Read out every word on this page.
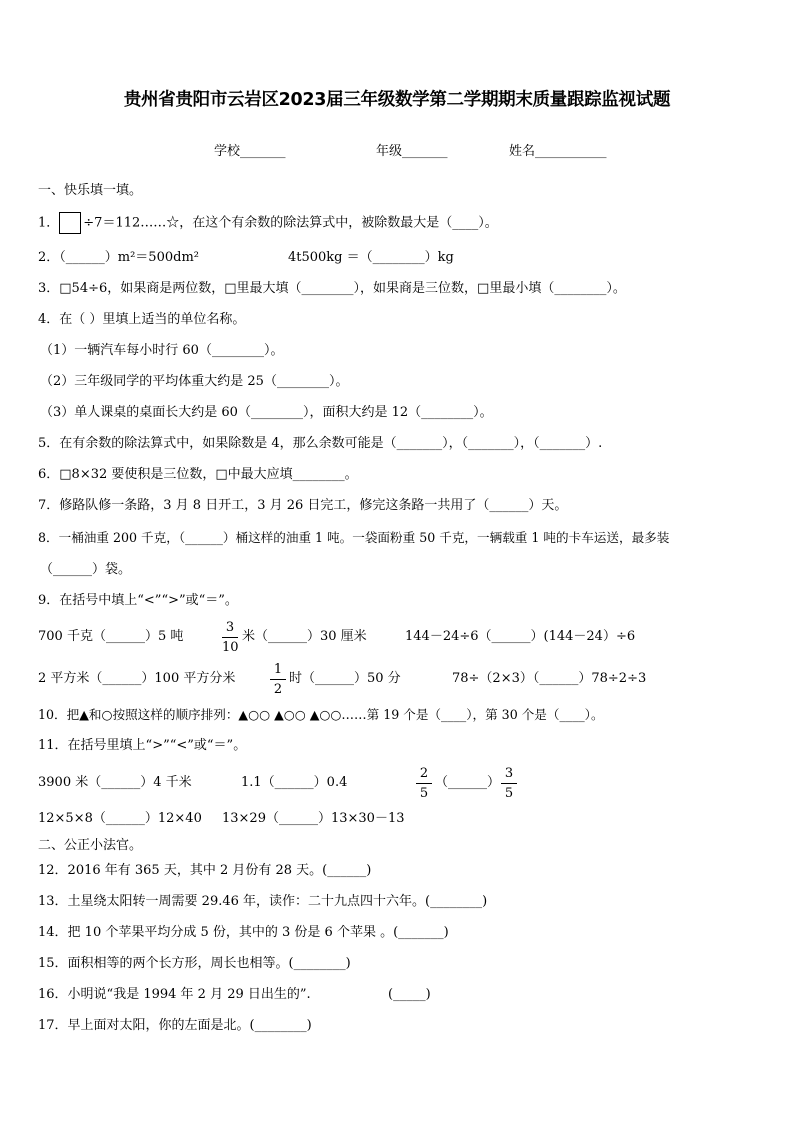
贵州省贵阳市云岩区2023届三年级数学第二学期期末质量跟踪监视试题
学校_______	年级_______	姓名___________
一、快乐填一填。
1． ÷7＝112……☆，在这个有余数的除法算式中，被除数最大是（____）。
2．（______）m²＝500dm²	4t500kg ＝（________）kg
3．□54÷6，如果商是两位数，□里最大填（________），如果商是三位数，□里最小填（________）。
4．在（ ）里填上适当的单位名称。
（1）一辆汽车每小时行 60（________）。
（2）三年级同学的平均体重大约是 25（________）。
（3）单人课桌的桌面长大约是 60（________），面积大约是 12（________）。
5．在有余数的除法算式中，如果除数是 4，那么余数可能是（_______），（_______），（_______）.
6．□8×32 要使积是三位数，□中最大应填________。
7．修路队修一条路，3 月 8 日开工，3 月 26 日完工，修完这条路一共用了（______）天。
8．一桶油重 200 千克，（______）桶这样的油重 1 吨。一袋面粉重 50 千克，一辆载重 1 吨的卡车运送，最多装
（______）袋。
9．在括号中填上“<”“>”或“＝”。
700 千克（______）5 吨	$\frac{3}{10}$ 米（______）30 厘米	144－24÷6（______）(144－24）÷6
2 平方米（______）100 平方分米	$\frac{1}{2}$ 时（______）50 分	78÷（2×3）（______）78÷2÷3
10．把▲和○按照这样的顺序排列：▲○○ ▲○○ ▲○○……第 19 个是（____），第 30 个是（____）。
11．在括号里填上“>”“<”或“＝”。
3900 米（______）4 千米	1.1（______）0.4	$\frac{2}{5}$ （______） $\frac{3}{5}$
12×5×8（______）12×40 13×29（______）13×30－13
二、公正小法官。
12．2016 年有 365 天，其中 2 月份有 28 天。(______)
13．土星绕太阳转一周需要 29.46 年，读作：二十九点四十六年。(________)
14．把 10 个苹果平均分成 5 份，其中的 3 份是 6 个苹果 。(_______)
15．面积相等的两个长方形，周长也相等。(________)
16．小明说“我是 1994 年 2 月 29 日出生的”.	(_____)
17．早上面对太阳，你的左面是北。(________)
